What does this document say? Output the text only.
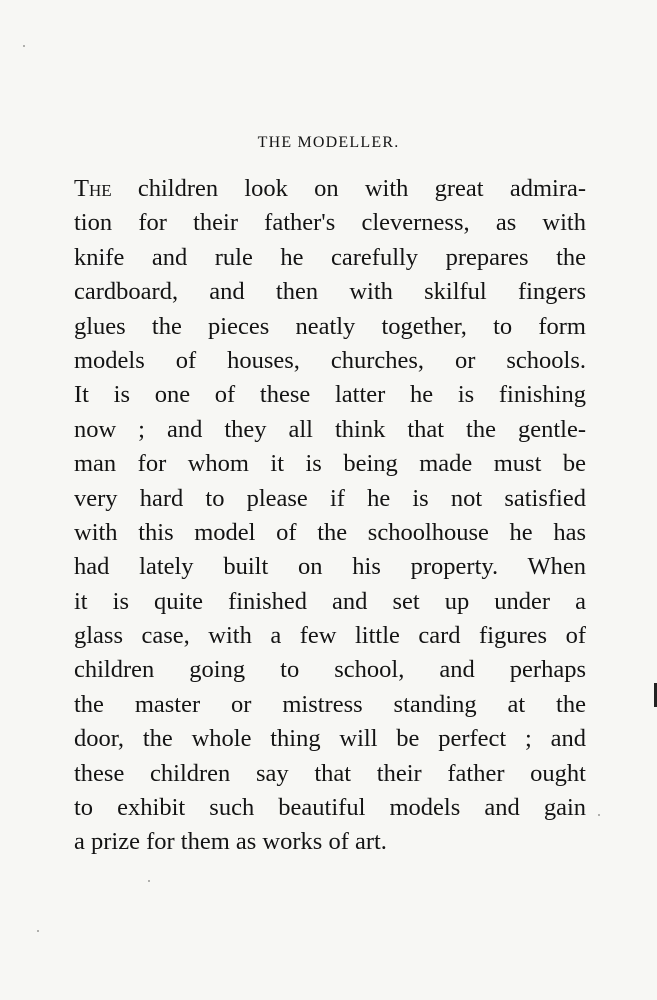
THE MODELLER.
The children look on with great admira-
tion for their father's cleverness, as with
knife and rule he carefully prepares the
cardboard, and then with skilful fingers
glues the pieces neatly together, to form
models of houses, churches, or schools.
It is one of these latter he is finishing
now ; and they all think that the gentle-
man for whom it is being made must be
very hard to please if he is not satisfied
with this model of the schoolhouse he has
had lately built on his property. When
it is quite finished and set up under a
glass case, with a few little card figures of
children going to school, and perhaps
the master or mistress standing at the
door, the whole thing will be perfect ; and
these children say that their father ought
to exhibit such beautiful models and gain
a prize for them as works of art.
